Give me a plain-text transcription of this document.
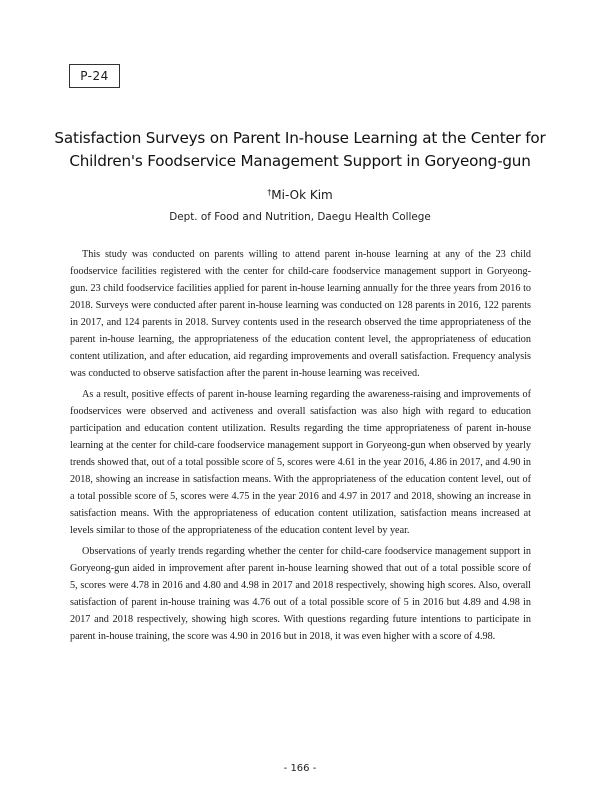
P-24
Satisfaction Surveys on Parent In-house Learning at the Center for
Children's Foodservice Management Support in Goryeong-gun
†Mi-Ok Kim
Dept. of Food and Nutrition, Daegu Health College

This study was conducted on parents willing to attend parent in-house learning at any of the 23 child foodservice facilities registered with the center for child-care foodservice management support in Goryeong-gun. 23 child foodservice facilities applied for parent in-house learning annually for the three years from 2016 to 2018. Surveys were conducted after parent in-house learning was conducted on 128 parents in 2016, 122 parents in 2017, and 124 parents in 2018. Survey contents used in the research observed the time appropriateness of the parent in-house learning, the appropriateness of the education content level, the appropriateness of education content utilization, and after education, aid regarding improvements and overall satisfaction. Frequency analysis was conducted to observe satisfaction after the parent in-house learning was received.

As a result, positive effects of parent in-house learning regarding the awareness-raising and improvements of foodservices were observed and activeness and overall satisfaction was also high with regard to education participation and education content utilization. Results regarding the time appropriateness of parent in-house learning at the center for child-care foodservice management support in Goryeong-gun when observed by yearly trends showed that, out of a total possible score of 5, scores were 4.61 in the year 2016, 4.86 in 2017, and 4.90 in 2018, showing an increase in satisfaction means. With the appropriateness of the education content level, out of a total possible score of 5, scores were 4.75 in the year 2016 and 4.97 in 2017 and 2018, showing an increase in satisfaction means. With the appropriateness of education content utilization, satisfaction means increased at levels similar to those of the appropriateness of the education content level by year.

Observations of yearly trends regarding whether the center for child-care foodservice management support in Goryeong-gun aided in improvement after parent in-house learning showed that out of a total possible score of 5, scores were 4.78 in 2016 and 4.80 and 4.98 in 2017 and 2018 respectively, showing high scores. Also, overall satisfaction of parent in-house training was 4.76 out of a total possible score of 5 in 2016 but 4.89 and 4.98 in 2017 and 2018 respectively, showing high scores. With questions regarding future intentions to participate in parent in-house training, the score was 4.90 in 2016 but in 2018, it was even higher with a score of 4.98.

- 166 -
